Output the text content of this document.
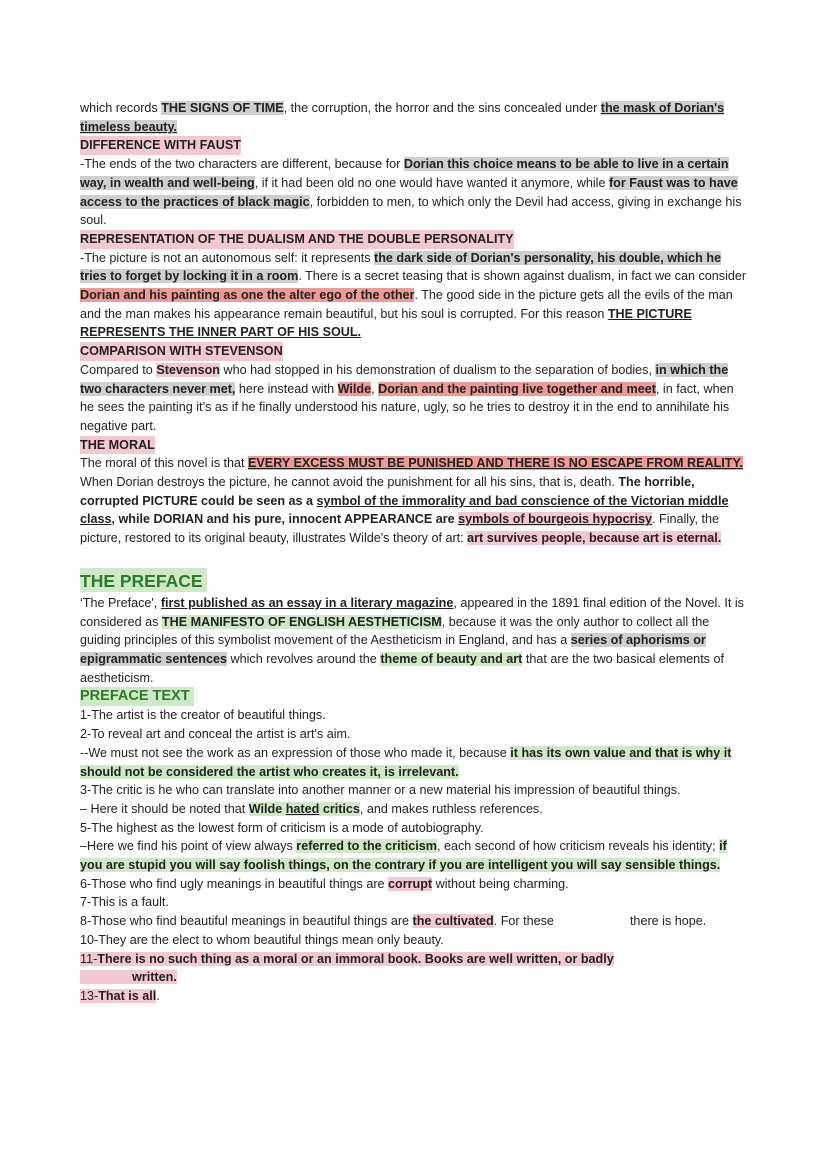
which records THE SIGNS OF TIME, the corruption, the horror and the sins concealed under the mask of Dorian's timeless beauty.

DIFFERENCE WITH FAUST

-The ends of the two characters are different, because for Dorian this choice means to be able to live in a certain way, in wealth and well-being, if it had been old no one would have wanted it anymore, while for Faust was to have access to the practices of black magic, forbidden to men, to which only the Devil had access, giving in exchange his soul.

REPRESENTATION OF THE DUALISM AND THE DOUBLE PERSONALITY

-The picture is not an autonomous self: it represents the dark side of Dorian's personality, his double, which he tries to forget by locking it in a room. There is a secret teasing that is shown against dualism, in fact we can consider Dorian and his painting as one the alter ego of the other. The good side in the picture gets all the evils of the man and the man makes his appearance remain beautiful, but his soul is corrupted. For this reason THE PICTURE REPRESENTS THE INNER PART OF HIS SOUL.

COMPARISON WITH STEVENSON

Compared to Stevenson who had stopped in his demonstration of dualism to the separation of bodies, in which the two characters never met, here instead with Wilde, Dorian and the painting live together and meet, in fact, when he sees the painting it’s as if he finally understood his nature, ugly, so he tries to destroy it in the end to annihilate his negative part.

THE MORAL

The moral of this novel is that EVERY EXCESS MUST BE PUNISHED AND THERE IS NO ESCAPE FROM REALITY. When Dorian destroys the picture, he cannot avoid the punishment for all his sins, that is, death. The horrible, corrupted PICTURE could be seen as a symbol of the immorality and bad conscience of the Victorian middle class, while DORIAN and his pure, innocent APPEARANCE are symbols of bourgeois hypocrisy. Finally, the picture, restored to its original beauty, illustrates Wilde's theory of art: art survives people, because art is eternal.

THE PREFACE

‘The Preface', first published as an essay in a literary magazine, appeared in the 1891 final edition of the Novel. It is considered as THE MANIFESTO OF ENGLISH AESTHETICISM, because it was the only author to collect all the guiding principles of this symbolist movement of the Aestheticism in England, and has a series of aphorisms or epigrammatic sentences which revolves around the theme of beauty and art that are the two basical elements of aestheticism.

PREFACE TEXT

1-The artist is the creator of beautiful things.

2-To reveal art and conceal the artist is art's aim.

--We must not see the work as an expression of those who made it, because it has its own value and that is why it should not be considered the artist who creates it, is irrelevant.

3-The critic is he who can translate into another manner or a new material his impression of beautiful things.

– Here it should be noted that Wilde hated critics, and makes ruthless references.

5-The highest as the lowest form of criticism is a mode of autobiography.

–Here we find his point of view always referred to the criticism, each second of how criticism reveals his identity; if you are stupid you will say foolish things, on the contrary if you are intelligent you will say sensible things.

6-Those who find ugly meanings in beautiful things are corrupt without being charming.

7-This is a fault.

8-Those who find beautiful meanings in beautiful things are the cultivated. For these	there is hope.

10-They are the elect to whom beautiful things mean only beauty.

11-There is no such thing as a moral or an immoral book. Books are well written, or badlywritten.

13-That is all.
